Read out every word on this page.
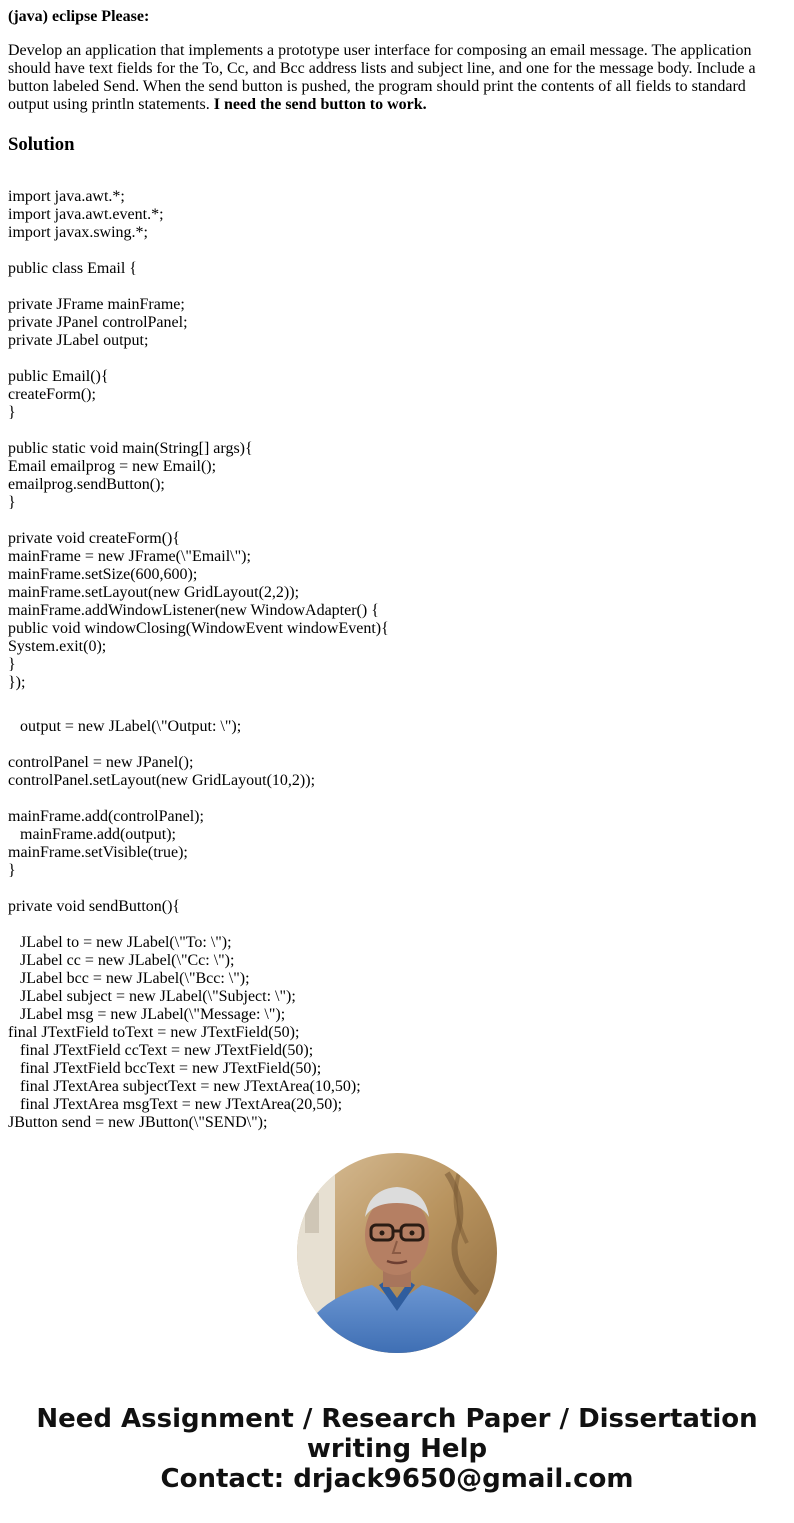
(java) eclipse Please:
Develop an application that implements a prototype user interface for composing an email message. The application should have text fields for the To, Cc, and Bcc address lists and subject line, and one for the message body. Include a button labeled Send. When the send button is pushed, the program should print the contents of all fields to standard output using println statements. I need the send button to work.
Solution
import java.awt.*;
import java.awt.event.*;
import javax.swing.*;
public class Email {
private JFrame mainFrame;
private JPanel controlPanel;
private JLabel output;
public Email(){
createForm();
}
public static void main(String[] args){
Email emailprog = new Email();
emailprog.sendButton();
}
private void createForm(){
mainFrame = new JFrame(\"Email\");
mainFrame.setSize(600,600);
mainFrame.setLayout(new GridLayout(2,2));
mainFrame.addWindowListener(new WindowAdapter() {
public void windowClosing(WindowEvent windowEvent){
System.exit(0);
}
});
output = new JLabel(\"Output: \");
controlPanel = new JPanel();
controlPanel.setLayout(new GridLayout(10,2));
mainFrame.add(controlPanel);
mainFrame.add(output);
mainFrame.setVisible(true);
}
private void sendButton(){
JLabel to = new JLabel(\"To: \");
JLabel cc = new JLabel(\"Cc: \");
JLabel bcc = new JLabel(\"Bcc: \");
JLabel subject = new JLabel(\"Subject: \");
JLabel msg = new JLabel(\"Message: \");
final JTextField toText = new JTextField(50);
final JTextField ccText = new JTextField(50);
final JTextField bccText = new JTextField(50);
final JTextArea subjectText = new JTextArea(10,50);
final JTextArea msgText = new JTextArea(20,50);
JButton send = new JButton(\"SEND\");
Need Assignment / Research Paper / Dissertation
writing Help
Contact: drjack9650@gmail.com
